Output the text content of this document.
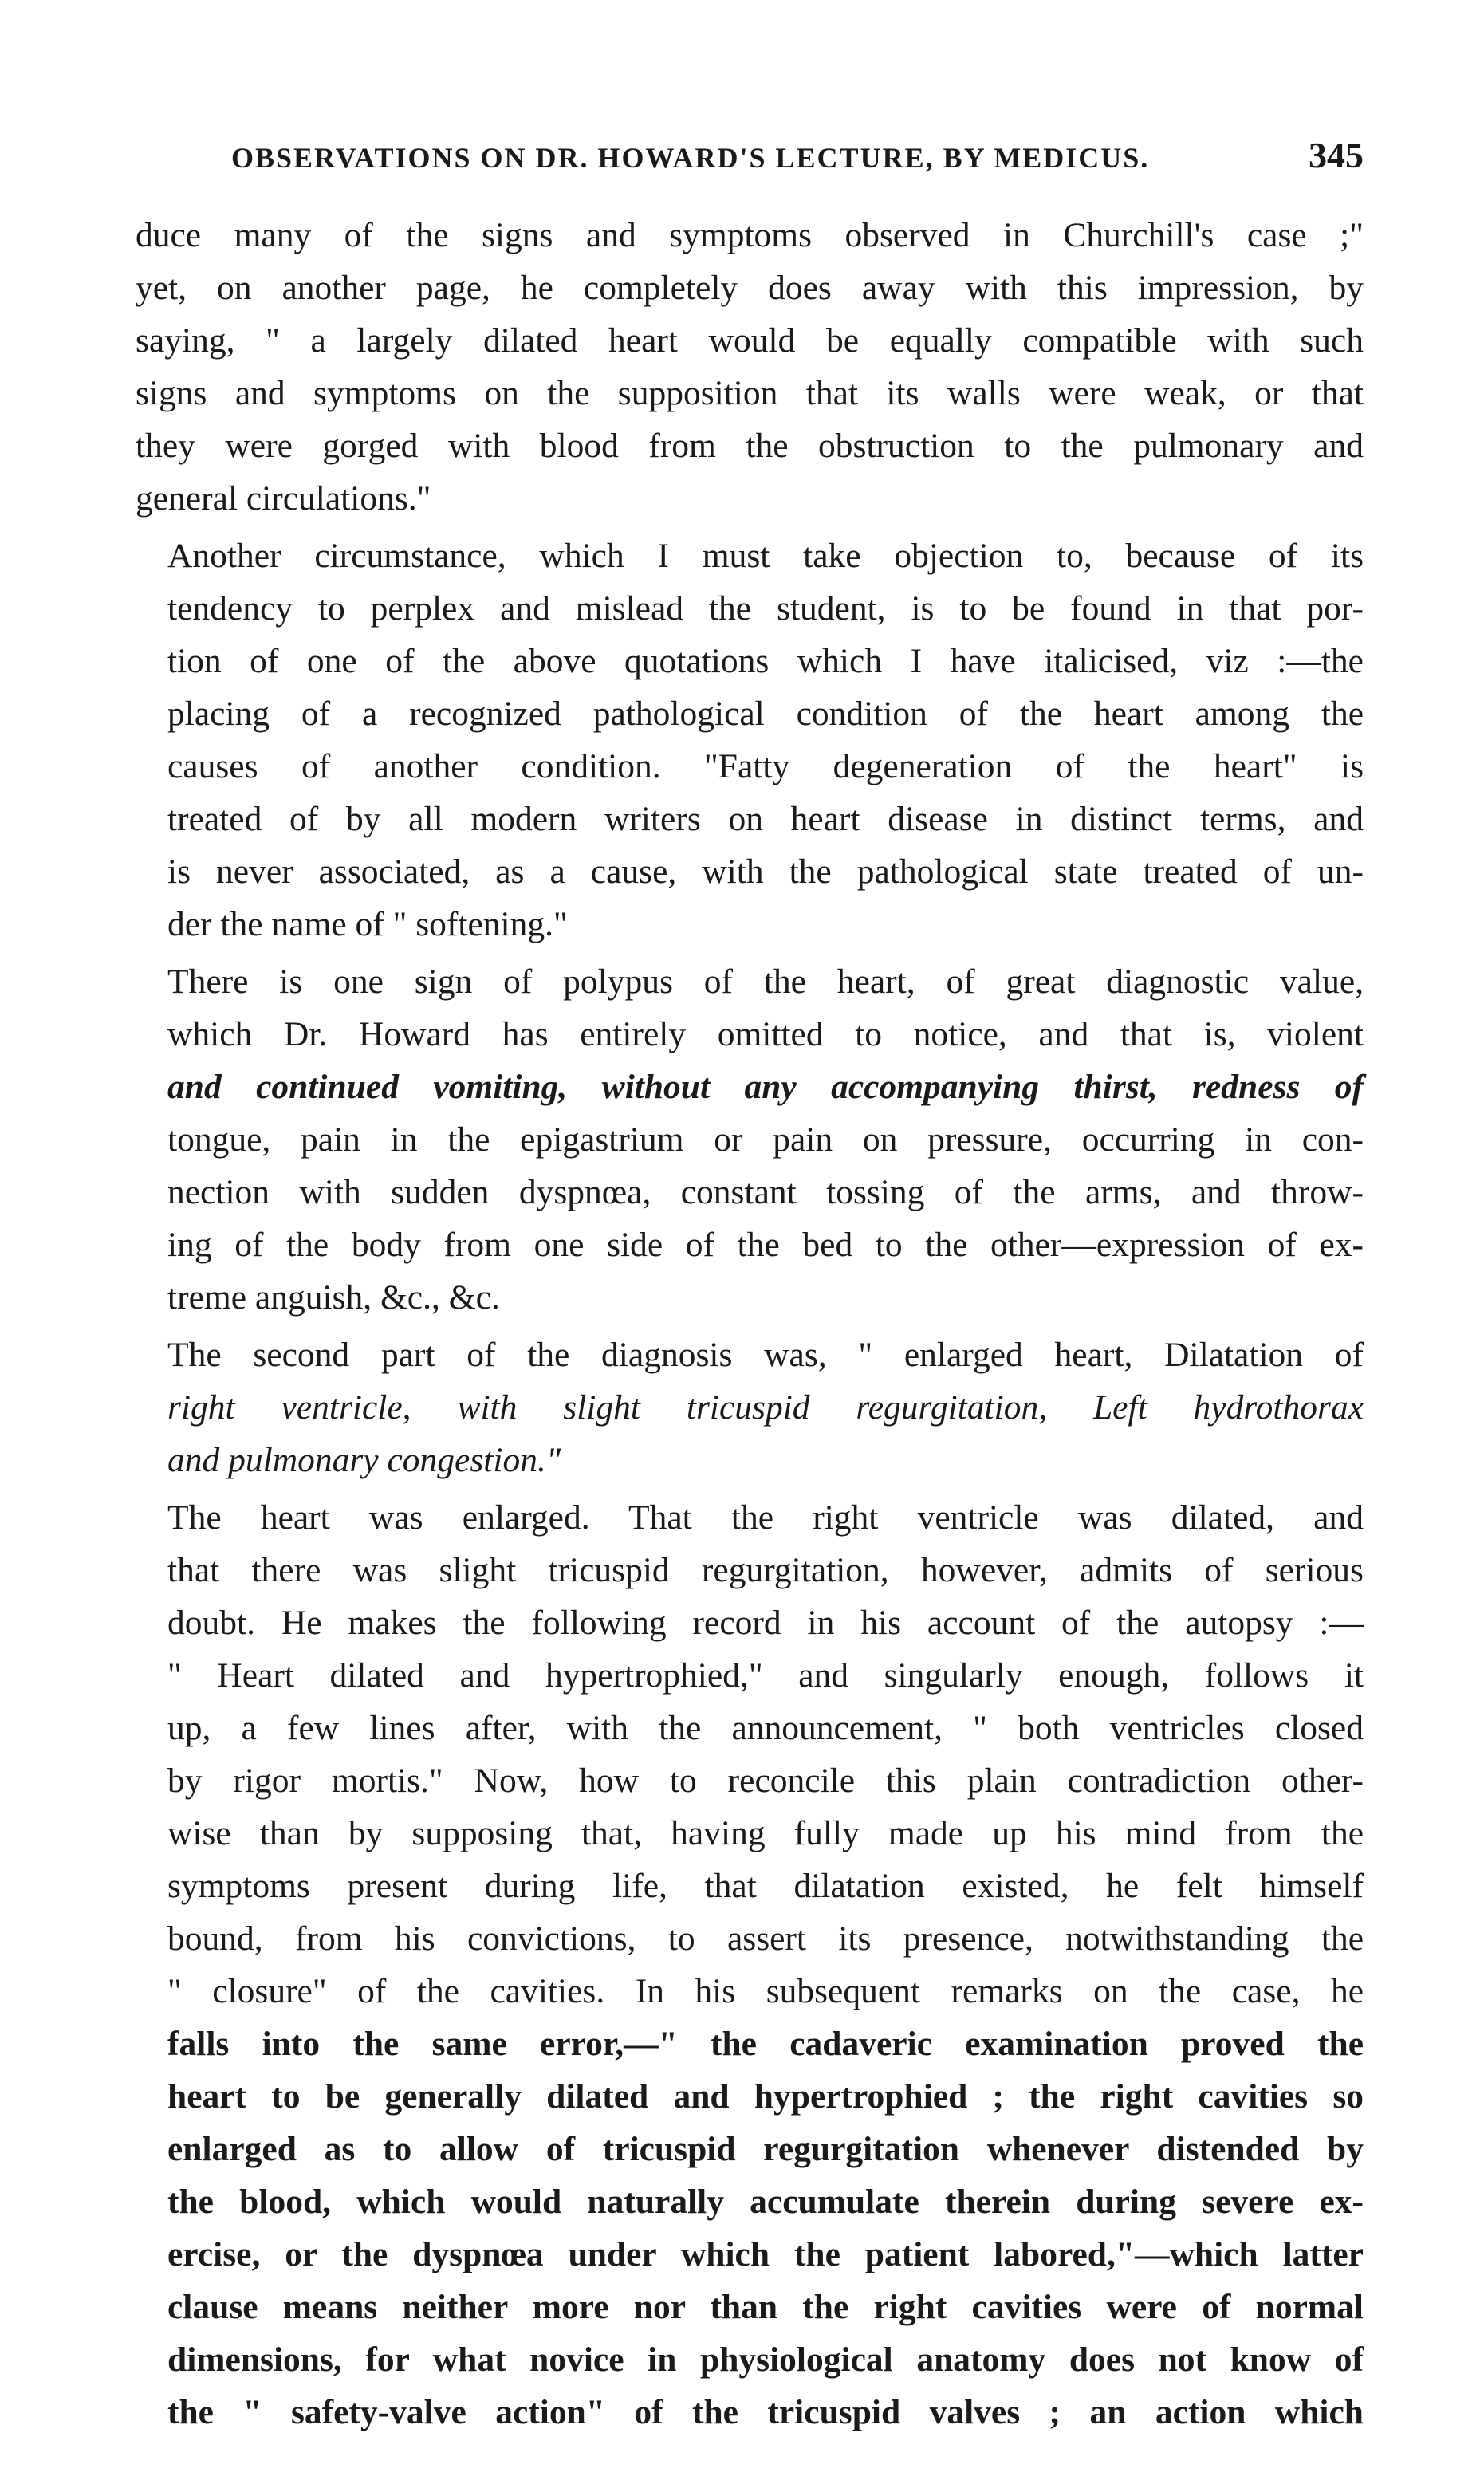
OBSERVATIONS ON DR. HOWARD'S LECTURE, BY MEDICUS.	345

duce many of the signs and symptoms observed in Churchill's case ;"
yet, on another page, he completely does away with this impression, by
saying, " a largely dilated heart would be equally compatible with such
signs and symptoms on the supposition that its walls were weak, or that
they were gorged with blood from the obstruction to the pulmonary and
general circulations."

Another circumstance, which I must take objection to, because of its
tendency to perplex and mislead the student, is to be found in that por-
tion of one of the above quotations which I have italicised, viz :—the
placing of a recognized pathological condition of the heart among the
causes of another condition. "Fatty degeneration of the heart" is
treated of by all modern writers on heart disease in distinct terms, and
is never associated, as a cause, with the pathological state treated of un-
der the name of " softening."

There is one sign of polypus of the heart, of great diagnostic value,
which Dr. Howard has entirely omitted to notice, and that is, violent
and continued vomiting, without any accompanying thirst, redness of
tongue, pain in the epigastrium or pain on pressure, occurring in con-
nection with sudden dyspnœa, constant tossing of the arms, and throw-
ing of the body from one side of the bed to the other—expression of ex-
treme anguish, &c., &c.

The second part of the diagnosis was, " enlarged heart, Dilatation of
right ventricle, with slight tricuspid regurgitation, Left hydrothorax
and pulmonary congestion."

The heart was enlarged. That the right ventricle was dilated, and
that there was slight tricuspid regurgitation, however, admits of serious
doubt. He makes the following record in his account of the autopsy :—
" Heart dilated and hypertrophied," and singularly enough, follows it
up, a few lines after, with the announcement, " both ventricles closed
by rigor mortis." Now, how to reconcile this plain contradiction other-
wise than by supposing that, having fully made up his mind from the
symptoms present during life, that dilatation existed, he felt himself
bound, from his convictions, to assert its presence, notwithstanding the
" closure" of the cavities. In his subsequent remarks on the case, he
falls into the same error,—" the cadaveric examination proved the
heart to be generally dilated and hypertrophied ; the right cavities so
enlarged as to allow of tricuspid regurgitation whenever distended by
the blood, which would naturally accumulate therein during severe ex-
ercise, or the dyspnœa under which the patient labored,"—which latter
clause means neither more nor than the right cavities were of normal
dimensions, for what novice in physiological anatomy does not know of
the " safety-valve action" of the tricuspid valves ; an action which
